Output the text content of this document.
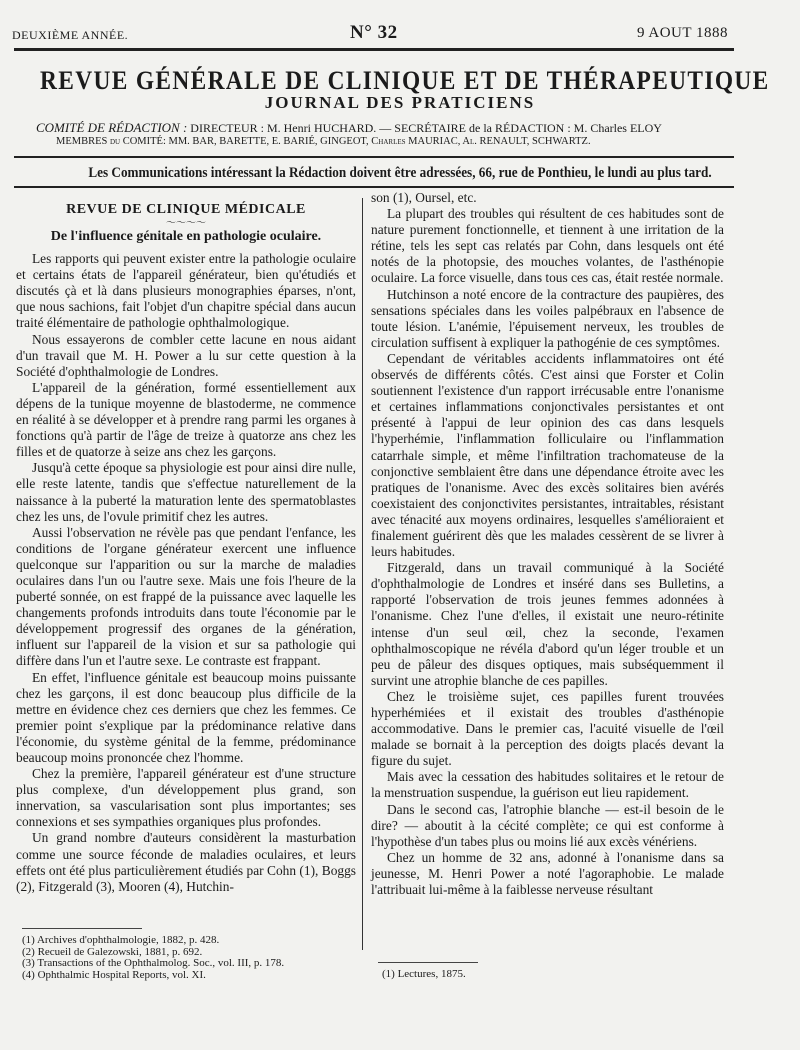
DEUXIÈME ANNÉE.	N° 32	9 AOUT 1888
REVUE GÉNÉRALE DE CLINIQUE ET DE THÉRAPEUTIQUE
JOURNAL DES PRATICIENS
COMITÉ DE RÉDACTION : DIRECTEUR : M. Henri HUCHARD. — SECRÉTAIRE de la RÉDACTION : M. Charles ELOY
MEMBRES du COMITÉ: MM. BAR, BARETTE, E. BARIÉ, GINGEOT, Charles MAURIAC, Al. RENAULT, SCHWARTZ.
Les Communications intéressant la Rédaction doivent être adressées, 66, rue de Ponthieu, le lundi au plus tard.
REVUE DE CLINIQUE MÉDICALE
〜〜〜〜
De l'influence génitale en pathologie oculaire.

Les rapports qui peuvent exister entre la pathologie oculaire et certains états de l'appareil générateur, bien qu'étudiés et discutés çà et là dans plusieurs monographies éparses, n'ont, que nous sachions, fait l'objet d'un chapitre spécial dans aucun traité élémentaire de pathologie ophthalmologique.

Nous essayerons de combler cette lacune en nous aidant d'un travail que M. H. Power a lu sur cette question à la Société d'ophthalmologie de Londres.

L'appareil de la génération, formé essentiellement aux dépens de la tunique moyenne de blastoderme, ne commence en réalité à se développer et à prendre rang parmi les organes à fonctions qu'à partir de l'âge de treize à quatorze ans chez les filles et de quatorze à seize ans chez les garçons.

Jusqu'à cette époque sa physiologie est pour ainsi dire nulle, elle reste latente, tandis que s'effectue naturellement de la naissance à la puberté la maturation lente des spermatoblastes chez les uns, de l'ovule primitif chez les autres.

Aussi l'observation ne révèle pas que pendant l'enfance, les conditions de l'organe générateur exercent une influence quelconque sur l'apparition ou sur la marche de maladies oculaires dans l'un ou l'autre sexe. Mais une fois l'heure de la puberté sonnée, on est frappé de la puissance avec laquelle les changements profonds introduits dans toute l'économie par le développement progressif des organes de la génération, influent sur l'appareil de la vision et sur sa pathologie qui diffère dans l'un et l'autre sexe. Le contraste est frappant.

En effet, l'influence génitale est beaucoup moins puissante chez les garçons, il est donc beaucoup plus difficile de la mettre en évidence chez ces derniers que chez les femmes. Ce premier point s'explique par la prédominance relative dans l'économie, du système génital de la femme, prédominance beaucoup moins prononcée chez l'homme.

Chez la première, l'appareil générateur est d'une structure plus complexe, d'un développement plus grand, son innervation, sa vascularisation sont plus importantes; ses connexions et ses sympathies organiques plus profondes.

Un grand nombre d'auteurs considèrent la masturbation comme une source féconde de maladies oculaires, et leurs effets ont été plus particulièrement étudiés par Cohn (1), Boggs (2), Fitzgerald (3), Mooren (4), Hutchin-

son (1), Oursel, etc.

La plupart des troubles qui résultent de ces habitudes sont de nature purement fonctionnelle, et tiennent à une irritation de la rétine, tels les sept cas relatés par Cohn, dans lesquels ont été notés de la photopsie, des mouches volantes, de l'asthénopie oculaire. La force visuelle, dans tous ces cas, était restée normale.

Hutchinson a noté encore de la contracture des paupières, des sensations spéciales dans les voiles palpébraux en l'absence de toute lésion. L'anémie, l'épuisement nerveux, les troubles de circulation suffisent à expliquer la pathogénie de ces symptômes.

Cependant de véritables accidents inflammatoires ont été observés de différents côtés. C'est ainsi que Forster et Colin soutiennent l'existence d'un rapport irrécusable entre l'onanisme et certaines inflammations conjonctivales persistantes et ont présenté à l'appui de leur opinion des cas dans lesquels l'hyperhémie, l'inflammation folliculaire ou l'inflammation catarrhale simple, et même l'infiltration trachomateuse de la conjonctive semblaient être dans une dépendance étroite avec les pratiques de l'onanisme. Avec des excès solitaires bien avérés coexistaient des conjonctivites persistantes, intraitables, résistant avec ténacité aux moyens ordinaires, lesquelles s'amélioraient et finalement guérirent dès que les malades cessèrent de se livrer à leurs habitudes.

Fitzgerald, dans un travail communiqué à la Société d'ophthalmologie de Londres et inséré dans ses Bulletins, a rapporté l'observation de trois jeunes femmes adonnées à l'onanisme. Chez l'une d'elles, il existait une neuro-rétinite intense d'un seul œil, chez la seconde, l'examen ophthalmoscopique ne révéla d'abord qu'un léger trouble et un peu de pâleur des disques optiques, mais subséquemment il survint une atrophie blanche de ces papilles.

Chez le troisième sujet, ces papilles furent trouvées hyperhémiées et il existait des troubles d'asthénopie accommodative. Dans le premier cas, l'acuité visuelle de l'œil malade se bornait à la perception des doigts placés devant la figure du sujet.

Mais avec la cessation des habitudes solitaires et le retour de la menstruation suspendue, la guérison eut lieu rapidement.

Dans le second cas, l'atrophie blanche — est-il besoin de le dire? — aboutit à la cécité complète; ce qui est conforme à l'hypothèse d'un tabes plus ou moins lié aux excès vénériens.

Chez un homme de 32 ans, adonné à l'onanisme dans sa jeunesse, M. Henri Power a noté l'agoraphobie. Le malade l'attribuait lui-même à la faiblesse nerveuse résultant

(1) Archives d'ophthalmologie, 1882, p. 428.
(2) Recueil de Galezowski, 1881, p. 692.
(3) Transactions of the Ophthalmolog. Soc., vol. III, p. 178.
(4) Ophthalmic Hospital Reports, vol. XI.	(1) Lectures, 1875.
